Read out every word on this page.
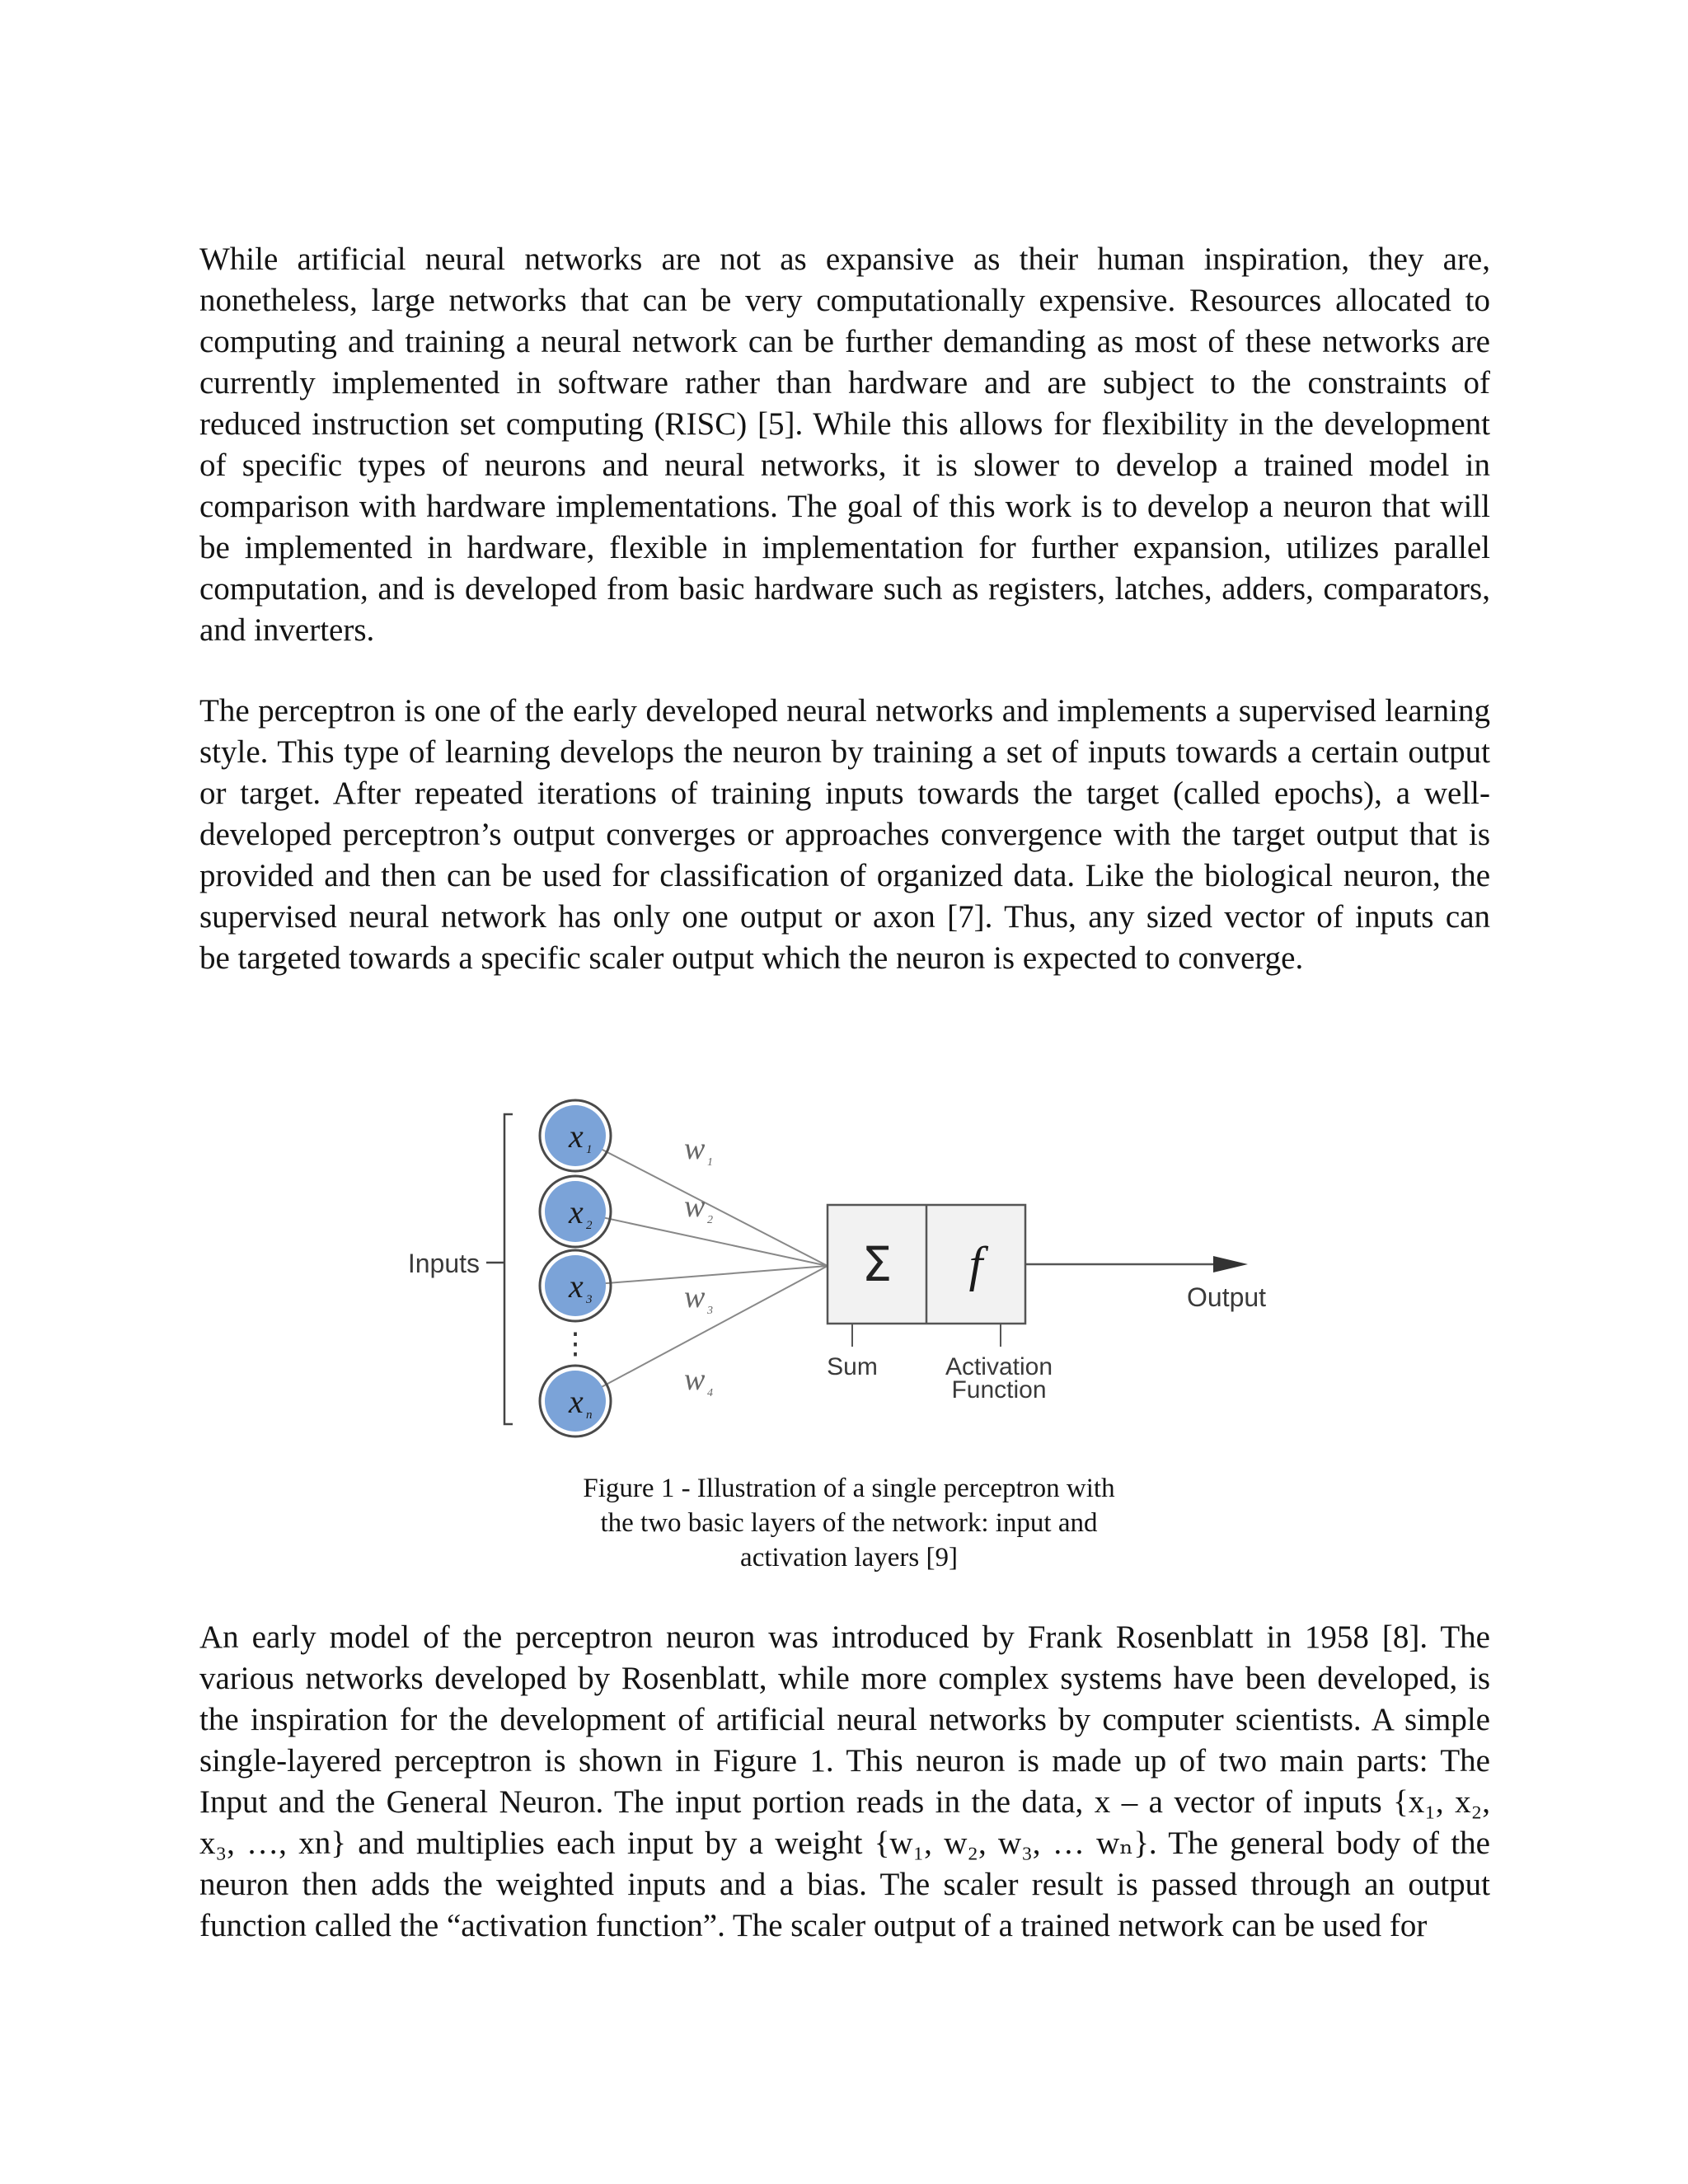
While artificial neural networks are not as expansive as their human inspiration, they are,
nonetheless, large networks that can be very computationally expensive. Resources allocated to
computing and training a neural network can be further demanding as most of these networks are
currently implemented in software rather than hardware and are subject to the constraints of
reduced instruction set computing (RISC) [5]. While this allows for flexibility in the development
of specific types of neurons and neural networks, it is slower to develop a trained model in
comparison with hardware implementations. The goal of this work is to develop a neuron that will
be implemented in hardware, flexible in implementation for further expansion, utilizes parallel
computation, and is developed from basic hardware such as registers, latches, adders, comparators,
and inverters.
The perceptron is one of the early developed neural networks and implements a supervised learning
style. This type of learning develops the neuron by training a set of inputs towards a certain output
or target. After repeated iterations of training inputs towards the target (called epochs), a well-
developed perceptron’s output converges or approaches convergence with the target output that is
provided and then can be used for classification of organized data. Like the biological neuron, the
supervised neural network has only one output or axon [7]. Thus, any sized vector of inputs can
be targeted towards a specific scaler output which the neuron is expected to converge.
Inputs
x 1
x 2
x 3
⋮
x n
w 1
w 2
w 3
w 4
Σ f
Sum	Activation
Function
Output

Figure 1 - Illustration of a single perceptron with
the two basic layers of the network: input and
activation layers [9]

An early model of the perceptron neuron was introduced by Frank Rosenblatt in 1958 [8]. The
various networks developed by Rosenblatt, while more complex systems have been developed, is
the inspiration for the development of artificial neural networks by computer scientists. A simple
single-layered perceptron is shown in Figure 1. This neuron is made up of two main parts: The
Input and the General Neuron. The input portion reads in the data, x – a vector of inputs {x₁, x₂,
x₃, …, xn} and multiplies each input by a weight {w₁, w₂, w₃, … wₙ}. The general body of the
neuron then adds the weighted inputs and a bias. The scaler result is passed through an output
function called the “activation function”. The scaler output of a trained network can be used for
